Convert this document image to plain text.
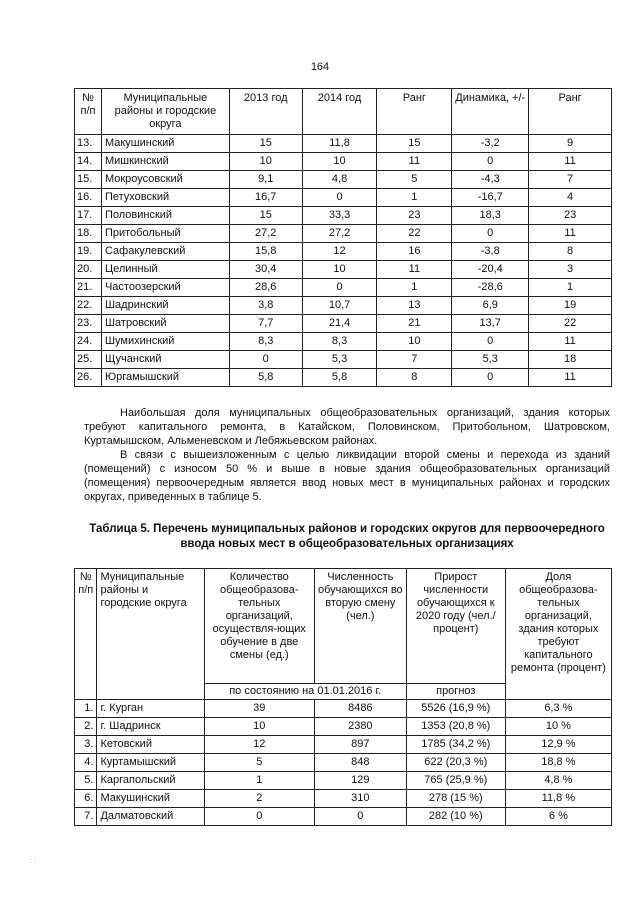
164
№ п/п	Муниципальные районы и городские округа	2013 год	2014 год	Ранг	Динамика, +/-	Ранг
13.	Макушинский	15	11,8	15	-3,2	9
14.	Мишкинский	10	10	11	0	11
15.	Мокроусовский	9,1	4,8	5	-4,3	7
16.	Петуховский	16,7	0	1	-16,7	4
17.	Половинский	15	33,3	23	18,3	23
18.	Притобольный	27,2	27,2	22	0	11
19.	Сафакулевский	15,8	12	16	-3,8	8
20.	Целинный	30,4	10	11	-20,4	3
21.	Частоозерский	28,6	0	1	-28,6	1
22.	Шадринский	3,8	10,7	13	6,9	19
23.	Шатровский	7,7	21,4	21	13,7	22
24.	Шумихинский	8,3	8,3	10	0	11
25.	Щучанский	0	5,3	7	5,3	18
26.	Юргамышский	5,8	5,8	8	0	11

Наибольшая доля муниципальных общеобразовательных организаций, здания которых требуют капитального ремонта, в Катайском, Половинском, Притобольном, Шатровском, Куртамышском, Альменевском и Лебяжьевском районах.

В связи с вышеизложенным с целью ликвидации второй смены и перехода из зданий (помещений) с износом 50 % и выше в новые здания общеобразовательных организаций (помещения) первоочередным является ввод новых мест в муниципальных районах и городских округах, приведенных в таблице 5.

Таблица 5. Перечень муниципальных районов и городских округов для первоочередного ввода новых мест в общеобразовательных организациях
№ п/п	Муниципальные районы и городские округа	Количество общеобразова-тельных организаций, осуществля-ющих обучение в две смены (ед.)	Численность обучающихся во вторую смену (чел.)	Прирост численности обучающихся к 2020 году (чел./процент)	Доля общеобразова-тельных организаций, здания которых требуют капитального ремонта (процент)
		по состоянию на 01.01.2016 г.		прогноз	
1.	г. Курган	39	8486	5526 (16,9 %)	6,3 %
2.	г. Шадринск	10	2380	1353 (20,8 %)	10 %
3.	Кетовский	12	897	1785 (34,2 %)	12,9 %
4.	Куртамышский	5	848	622 (20,3 %)	18,8 %
5.	Каргапольский	1	129	765 (25,9 %)	4,8 %
6.	Макушинский	2	310	278 (15 %)	11,8 %
7.	Далматовский	0	0	282 (10 %)	6 %
: :
